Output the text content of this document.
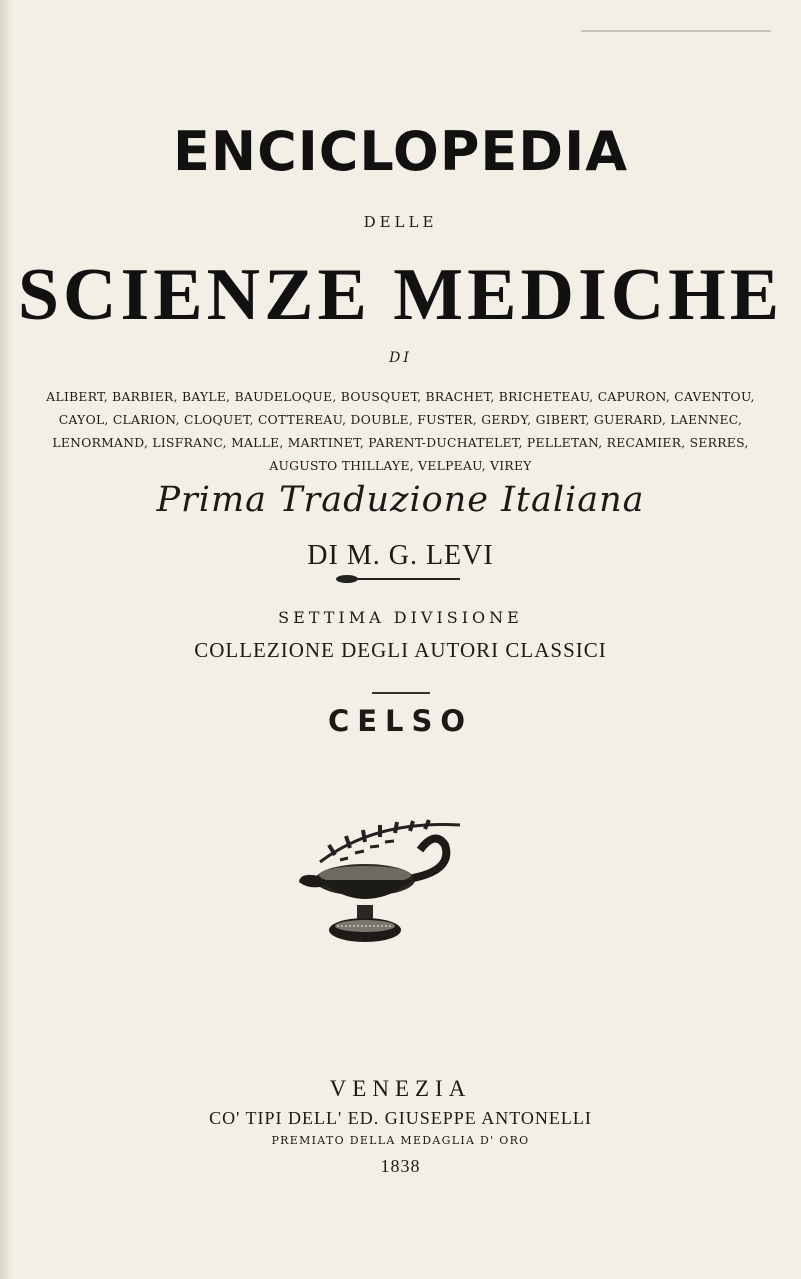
ENCICLOPEDIA
DELLE
SCIENZE MEDICHE
DI
ALIBERT, BARBIER, BAYLE, BAUDELOQUE, BOUSQUET, BRACHET, BRICHETEAU, CAPURON, CAVENTOU, CAYOL, CLARION, CLOQUET, COTTEREAU, DOUBLE, FUSTER, GERDY, GIBERT, GUERARD, LAENNEC, LENORMAND, LISFRANC, MALLE, MARTINET, PARENT-DUCHATELET, PELLETAN, RECAMIER, SERRES, AUGUSTO THILLAYE, VELPEAU, VIREY
Prima Traduzione Italiana
DI M. G. LEVI
SETTIMA DIVISIONE
COLLEZIONE DEGLI AUTORI CLASSICI
CELSO
VENEZIA
CO' TIPI DELL' ED. GIUSEPPE ANTONELLI
PREMIATO DELLA MEDAGLIA D' ORO
1838
